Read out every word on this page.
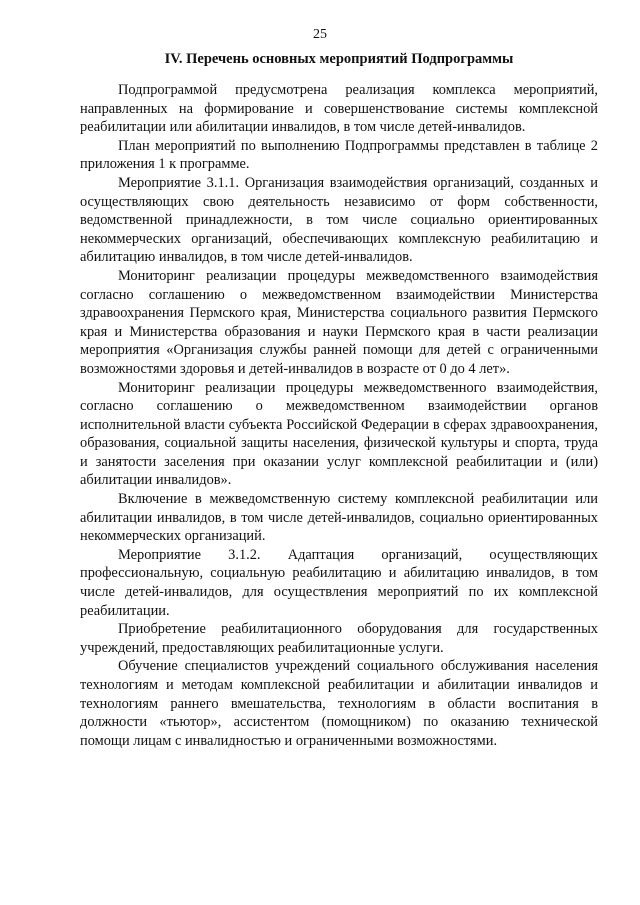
25
IV. Перечень основных мероприятий Подпрограммы

Подпрограммой предусмотрена реализация комплекса мероприятий, направленных на формирование и совершенствование системы комплексной реабилитации или абилитации инвалидов, в том числе детей-инвалидов.

План мероприятий по выполнению Подпрограммы представлен в таблице 2 приложения 1 к программе.

Мероприятие 3.1.1. Организация взаимодействия организаций, созданных и осуществляющих свою деятельность независимо от форм собственности, ведомственной принадлежности, в том числе социально ориентированных некоммерческих организаций, обеспечивающих комплексную реабилитацию и абилитацию инвалидов, в том числе детей-инвалидов.

Мониторинг реализации процедуры межведомственного взаимодействия согласно соглашению о межведомственном взаимодействии Министерства здравоохранения Пермского края, Министерства социального развития Пермского края и Министерства образования и науки Пермского края в части реализации мероприятия «Организация службы ранней помощи для детей с ограниченными возможностями здоровья и детей-инвалидов в возрасте от 0 до 4 лет».

Мониторинг реализации процедуры межведомственного взаимодействия, согласно соглашению о межведомственном взаимодействии органов исполнительной власти субъекта Российской Федерации в сферах здравоохранения, образования, социальной защиты населения, физической культуры и спорта, труда и занятости заселения при оказании услуг комплексной реабилитации и (или) абилитации инвалидов».

Включение в межведомственную систему комплексной реабилитации или абилитации инвалидов, в том числе детей-инвалидов, социально ориентированных некоммерческих организаций.

Мероприятие 3.1.2. Адаптация организаций, осуществляющих профессиональную, социальную реабилитацию и абилитацию инвалидов, в том числе детей-инвалидов, для осуществления мероприятий по их комплексной реабилитации.

Приобретение реабилитационного оборудования для государственных учреждений, предоставляющих реабилитационные услуги.

Обучение специалистов учреждений социального обслуживания населения технологиям и методам комплексной реабилитации и абилитации инвалидов и технологиям раннего вмешательства, технологиям в области воспитания в должности «тьютор», ассистентом (помощником) по оказанию технической помощи лицам с инвалидностью и ограниченными возможностями.
